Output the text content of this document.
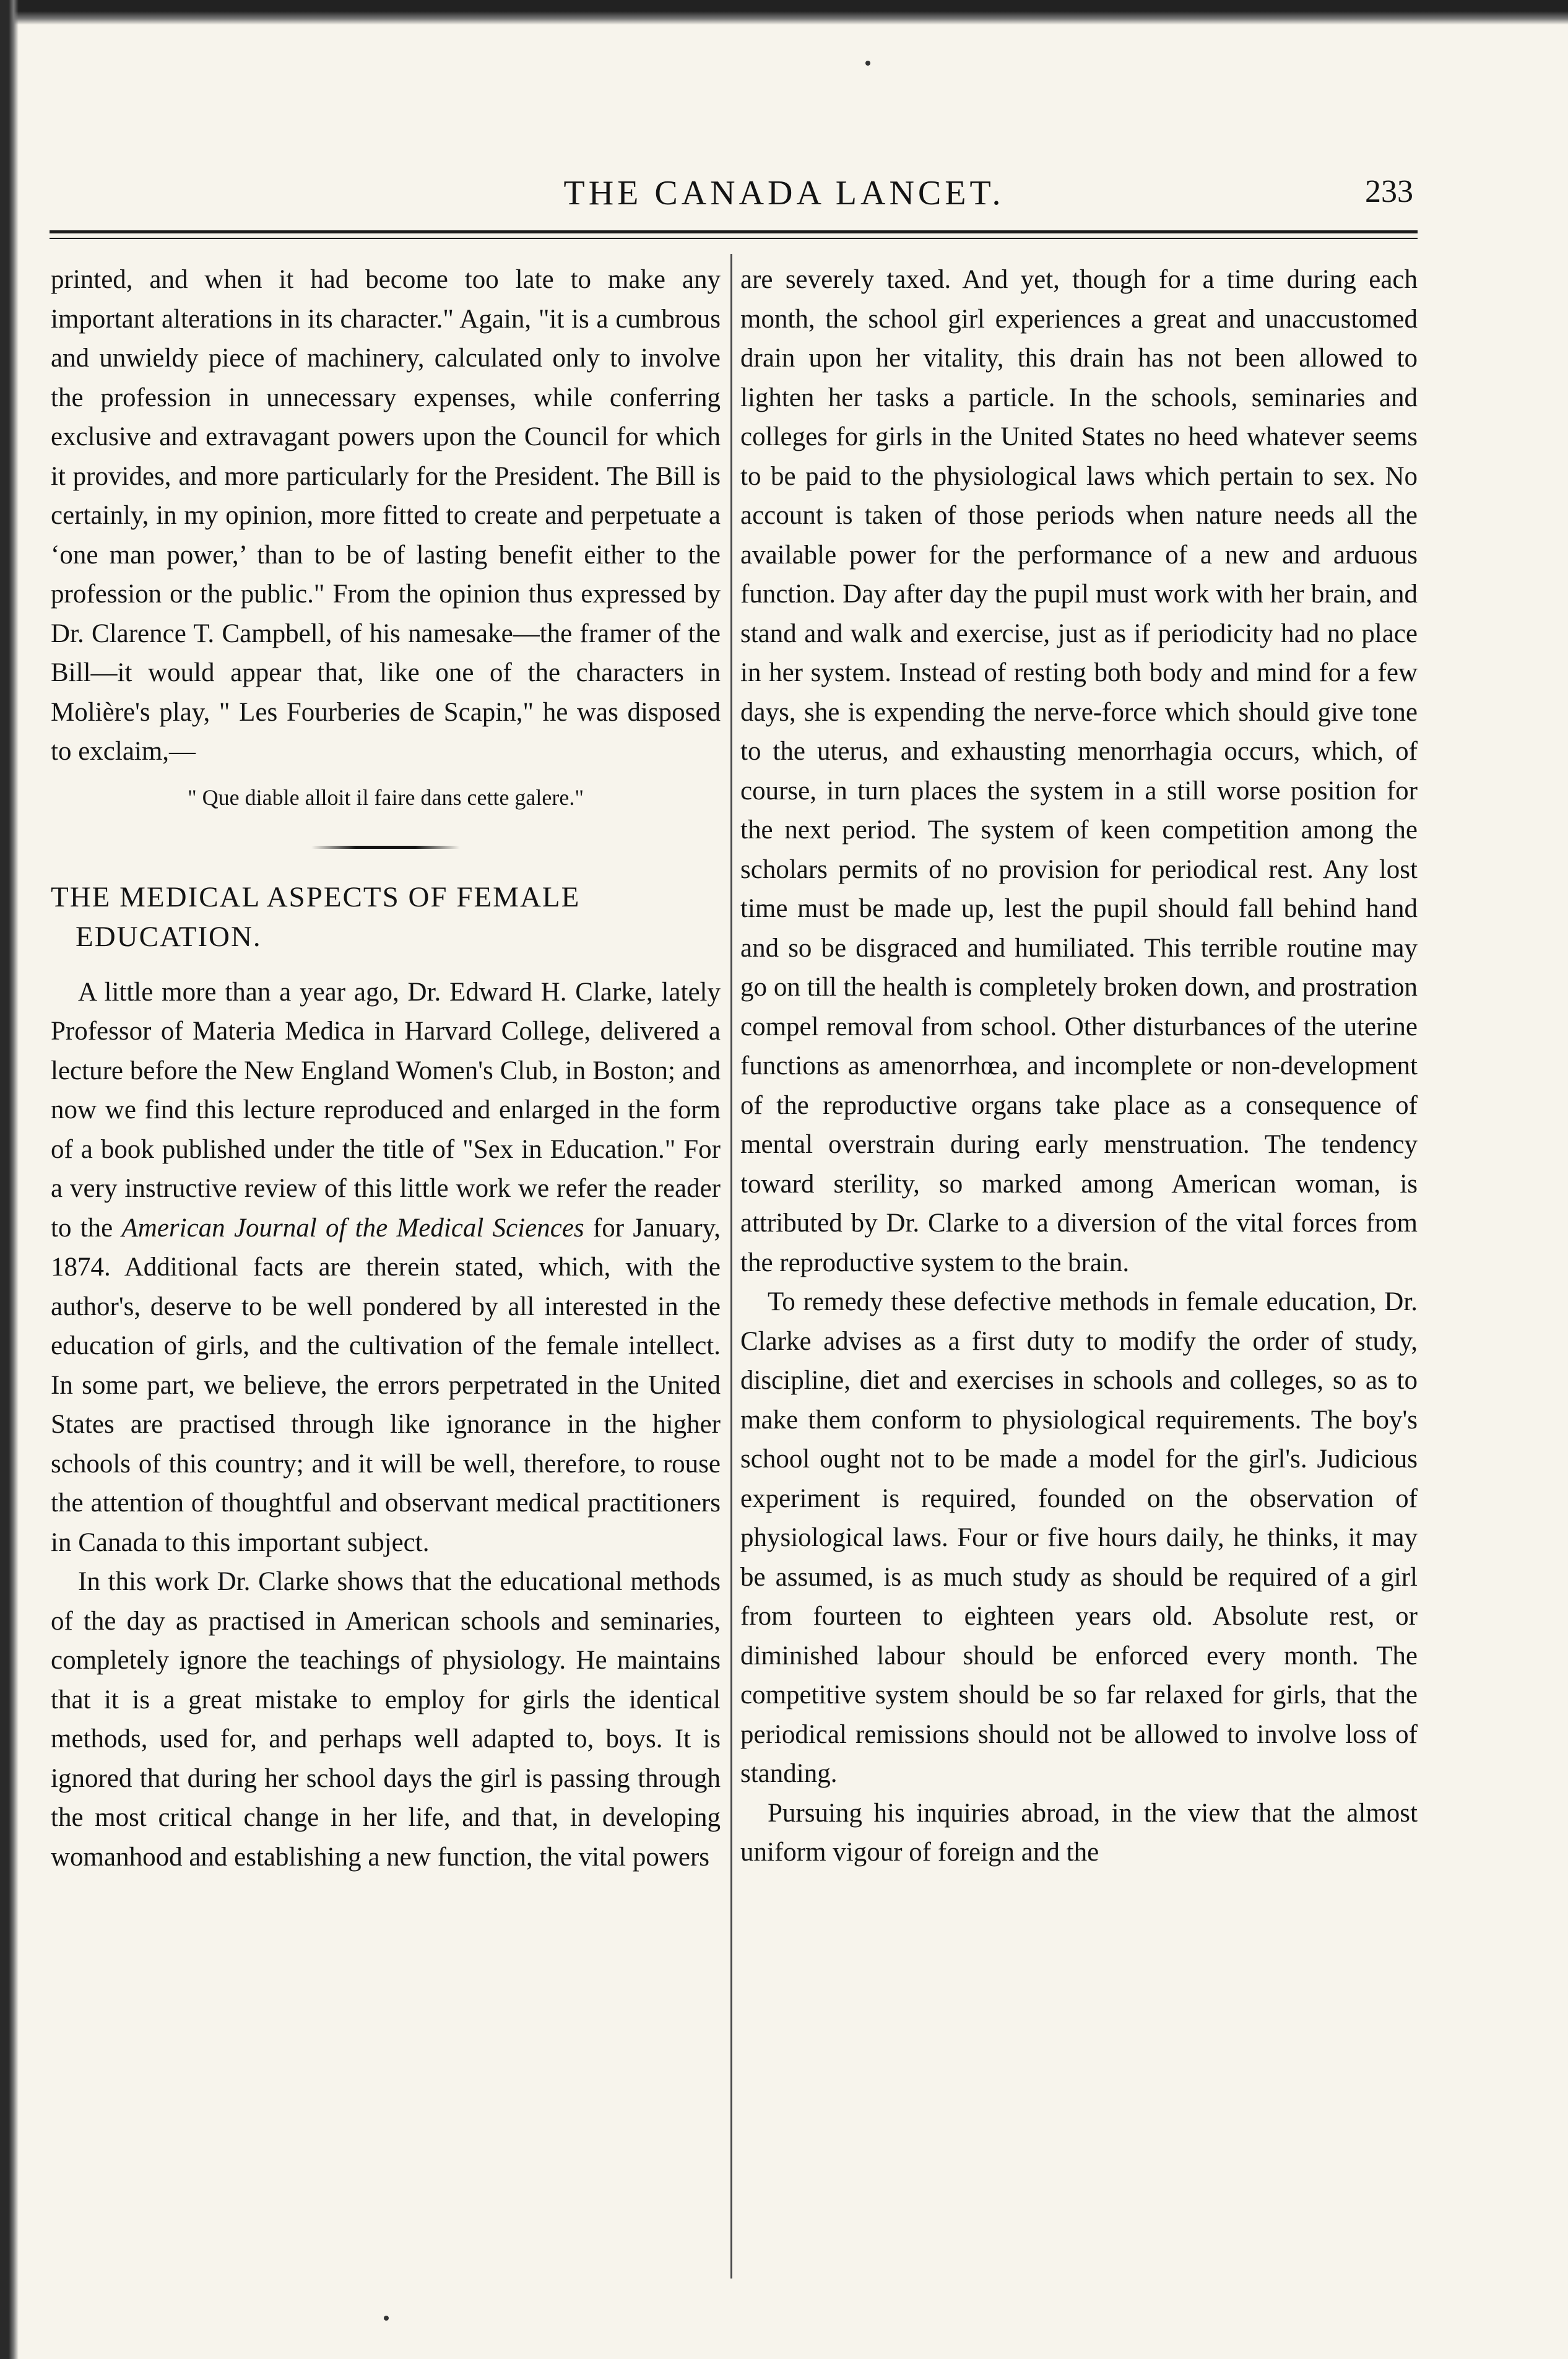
THE CANADA LANCET.	233

printed, and when it had become too late to make any important alterations in its character." Again, "it is a cumbrous and unwieldy piece of machinery, calculated only to involve the profession in unnecessary expenses, while conferring exclusive and extravagant powers upon the Council for which it provides, and more particularly for the President. The Bill is certainly, in my opinion, more fitted to create and perpetuate a ‘one man power,’ than to be of lasting benefit either to the profession or the public." From the opinion thus expressed by Dr. Clarence T. Campbell, of his namesake—the framer of the Bill—it would appear that, like one of the characters in Molière's play, " Les Fourberies de Scapin," he was disposed to exclaim,—

" Que diable alloit il faire dans cette galere."
THE MEDICAL ASPECTS OF FEMALE
EDUCATION.

A little more than a year ago, Dr. Edward H. Clarke, lately Professor of Materia Medica in Harvard College, delivered a lecture before the New England Women's Club, in Boston; and now we find this lecture reproduced and enlarged in the form of a book published under the title of "Sex in Education." For a very instructive review of this little work we refer the reader to the American Journal of the Medical Sciences for January, 1874. Additional facts are therein stated, which, with the author's, deserve to be well pondered by all interested in the education of girls, and the cultivation of the female intellect. In some part, we believe, the errors perpetrated in the United States are practised through like ignorance in the higher schools of this country; and it will be well, therefore, to rouse the attention of thoughtful and observant medical practitioners in Canada to this important subject.

In this work Dr. Clarke shows that the educational methods of the day as practised in American schools and seminaries, completely ignore the teachings of physiology. He maintains that it is a great mistake to employ for girls the identical methods, used for, and perhaps well adapted to, boys. It is ignored that during her school days the girl is passing through the most critical change in her life, and that, in developing womanhood and establishing a new function, the vital powers

are severely taxed. And yet, though for a time during each month, the school girl experiences a great and unaccustomed drain upon her vitality, this drain has not been allowed to lighten her tasks a particle. In the schools, seminaries and colleges for girls in the United States no heed whatever seems to be paid to the physiological laws which pertain to sex. No account is taken of those periods when nature needs all the available power for the performance of a new and arduous function. Day after day the pupil must work with her brain, and stand and walk and exercise, just as if periodicity had no place in her system. Instead of resting both body and mind for a few days, she is expending the nerve-force which should give tone to the uterus, and exhausting menorrhagia occurs, which, of course, in turn places the system in a still worse position for the next period. The system of keen competition among the scholars permits of no provision for periodical rest. Any lost time must be made up, lest the pupil should fall behind hand and so be disgraced and humiliated. This terrible routine may go on till the health is completely broken down, and prostration compel removal from school. Other disturbances of the uterine functions as amenorrhœa, and incomplete or non-development of the reproductive organs take place as a consequence of mental overstrain during early menstruation. The tendency toward sterility, so marked among American woman, is attributed by Dr. Clarke to a diversion of the vital forces from the reproductive system to the brain.

To remedy these defective methods in female education, Dr. Clarke advises as a first duty to modify the order of study, discipline, diet and exercises in schools and colleges, so as to make them conform to physiological requirements. The boy's school ought not to be made a model for the girl's. Judicious experiment is required, founded on the observation of physiological laws. Four or five hours daily, he thinks, it may be assumed, is as much study as should be required of a girl from fourteen to eighteen years old. Absolute rest, or diminished labour should be enforced every month. The competitive system should be so far relaxed for girls, that the periodical remissions should not be allowed to involve loss of standing.

Pursuing his inquiries abroad, in the view that the almost uniform vigour of foreign and the
